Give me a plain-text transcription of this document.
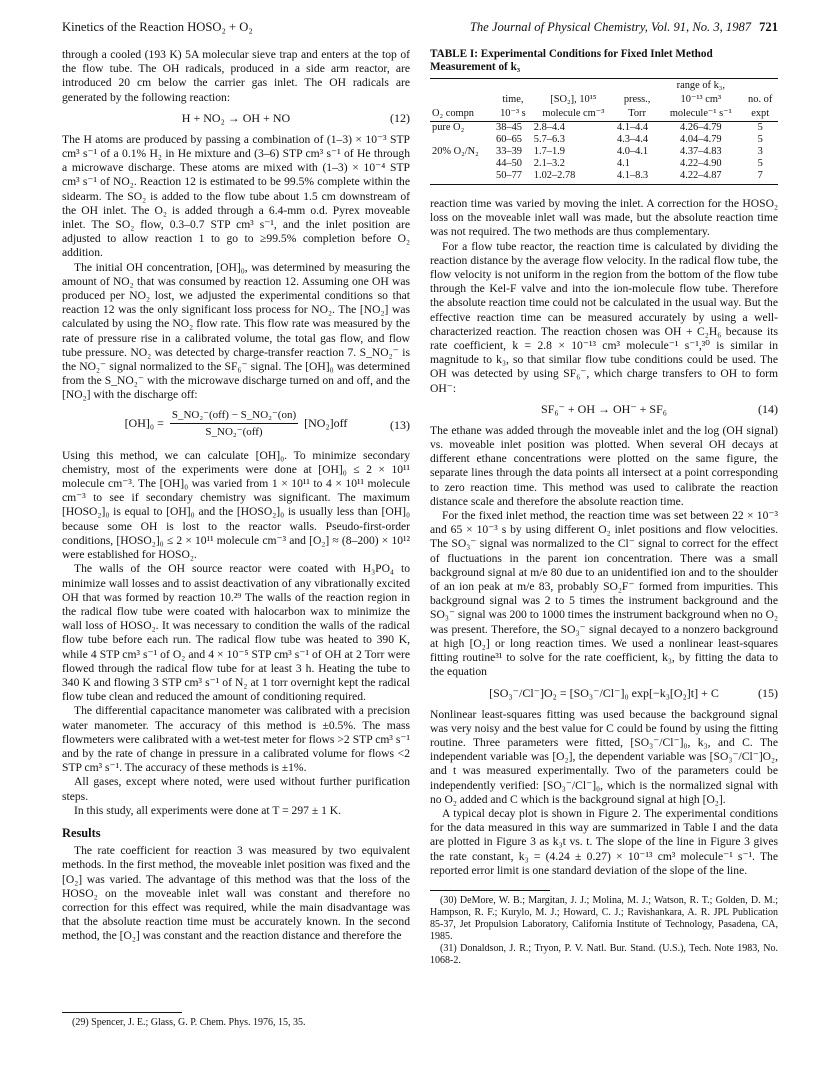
Kinetics of the Reaction HOSO₂ + O₂	The Journal of Physical Chemistry, Vol. 91, No. 3, 1987 721

through a cooled (193 K) 5A molecular sieve trap and enters at the top of the flow tube. The OH radicals, produced in a side arm reactor, are introduced 20 cm below the carrier gas inlet. The OH radicals are generated by the following reaction:

H + NO₂ → OH + NO	(12)

The H atoms are produced by passing a combination of (1–3) × 10⁻³ STP cm³ s⁻¹ of a 0.1% H₂ in He mixture and (3–6) STP cm³ s⁻¹ of He through a microwave discharge. These atoms are mixed with (1–3) × 10⁻⁴ STP cm³ s⁻¹ of NO₂. Reaction 12 is estimated to be 99.5% complete within the sidearm. The SO₂ is added to the flow tube about 1.5 cm downstream of the OH inlet. The O₂ is added through a 6.4-mm o.d. Pyrex moveable inlet. The SO₂ flow, 0.3–0.7 STP cm³ s⁻¹, and the inlet position are adjusted to allow reaction 1 to go to ≥99.5% completion before O₂ addition.

The initial OH concentration, [OH]₀, was determined by measuring the amount of NO₂ that was consumed by reaction 12. Assuming one OH was produced per NO₂ lost, we adjusted the experimental conditions so that reaction 12 was the only significant loss process for NO₂. The [NO₂] was calculated by using the NO₂ flow rate. This flow rate was measured by the rate of pressure rise in a calibrated volume, the total gas flow, and flow tube pressure. NO₂ was detected by charge-transfer reaction 7. S_NO₂⁻ is the NO₂⁻ signal normalized to the SF₆⁻ signal. The [OH]₀ was determined from the S_NO₂⁻ with the microwave discharge turned on and off, and the [NO₂] with the discharge off:

$[OH]_0 = \frac{\text{S\_NO₂⁻(off) − S\_NO₂⁻(on)}}{\text{S\_NO₂⁻(off)}} [NO_2]off$	(13)

Using this method, we can calculate [OH]₀. To minimize secondary chemistry, most of the experiments were done at [OH]₀ ≤ 2 × 10¹¹ molecule cm⁻³. The [OH]₀ was varied from 1 × 10¹¹ to 4 × 10¹¹ molecule cm⁻³ to see if secondary chemistry was significant. The maximum [HOSO₂]₀ is equal to [OH]₀ and the [HOSO₂]₀ is usually less than [OH]₀ because some OH is lost to the reactor walls. Pseudo-first-order conditions, [HOSO₂]₀ ≤ 2 × 10¹¹ molecule cm⁻³ and [O₂] ≈ (8–200) × 10¹² were established for HOSO₂.

The walls of the OH source reactor were coated with H₃PO₄ to minimize wall losses and to assist deactivation of any vibrationally excited OH that was formed by reaction 10.²⁹ The walls of the reaction region in the radical flow tube were coated with halocarbon wax to minimize the wall loss of HOSO₂. It was necessary to condition the walls of the radical flow tube before each run. The radical flow tube was heated to 390 K, while 4 STP cm³ s⁻¹ of O₂ and 4 × 10⁻⁵ STP cm³ s⁻¹ of OH at 2 Torr were flowed through the radical flow tube for at least 3 h. Heating the tube to 340 K and flowing 3 STP cm³ s⁻¹ of N₂ at 1 torr overnight kept the radical flow tube clean and reduced the amount of conditioning required.

The differential capacitance manometer was calibrated with a precision water manometer. The accuracy of this method is ±0.5%. The mass flowmeters were calibrated with a wet-test meter for flows >2 STP cm³ s⁻¹ and by the rate of change in pressure in a calibrated volume for flows <2 STP cm³ s⁻¹. The accuracy of these methods is ±1%.

All gases, except where noted, were used without further purification steps.

In this study, all experiments were done at T = 297 ± 1 K.

Results

The rate coefficient for reaction 3 was measured by two equivalent methods. In the first method, the moveable inlet position was fixed and the [O₂] was varied. The advantage of this method was that the loss of the HOSO₂ on the moveable inlet wall was constant and therefore no correction for this effect was required, while the main disadvantage was that the absolute reaction time must be accurately known. In the second method, the [O₂] was constant and the reaction distance and therefore the

(29) Spencer, J. E.; Glass, G. P. Chem. Phys. 1976, 15, 35.

TABLE I: Experimental Conditions for Fixed Inlet Method Measurement of k₃
				range of k₃,	
	time,	[SO₂], 10¹⁵	press.,	10⁻¹³ cm³	no. of
O₂ compn	10⁻³ s	molecule cm⁻³	Torr	molecule⁻¹ s⁻¹	expt
pure O₂	38–45	2.8–4.4	4.1–4.4	4.26–4.79	5
	60–65	5.7–6.3	4.3–4.4	4.04–4.79	5
20% O₂/N₂	33–39	1.7–1.9	4.0–4.1	4.37–4.83	3
	44–50	2.1–3.2	4.1	4.22–4.90	5
	50–77	1.02–2.78	4.1–8.3	4.22–4.87	7

reaction time was varied by moving the inlet. A correction for the HOSO₂ loss on the moveable inlet wall was made, but the absolute reaction time was not required. The two methods are thus complementary.

For a flow tube reactor, the reaction time is calculated by dividing the reaction distance by the average flow velocity. In the radical flow tube, the flow velocity is not uniform in the region from the bottom of the flow tube through the Kel-F valve and into the ion-molecule flow tube. Therefore the absolute reaction time could not be calculated in the usual way. But the effective reaction time can be measured accurately by using a well-characterized reaction. The reaction chosen was OH + C₂H₆ because its rate coefficient, k = 2.8 × 10⁻¹³ cm³ molecule⁻¹ s⁻¹,³⁰ is similar in magnitude to k₃, so that similar flow tube conditions could be used. The OH was detected by using SF₆⁻, which charge transfers to OH to form OH⁻:

SF₆⁻ + OH → OH⁻ + SF₆	(14)

The ethane was added through the moveable inlet and the log (OH signal) vs. moveable inlet position was plotted. When several OH decays at different ethane concentrations were plotted on the same figure, the separate lines through the data points all intersect at a point corresponding to zero reaction time. This method was used to calibrate the reaction distance scale and therefore the absolute reaction time.

For the fixed inlet method, the reaction time was set between 22 × 10⁻³ and 65 × 10⁻³ s by using different O₂ inlet positions and flow velocities. The SO₃⁻ signal was normalized to the Cl⁻ signal to correct for the effect of fluctuations in the parent ion concentration. There was a small background signal at m/e 80 due to an unidentified ion and to the shoulder of an ion peak at m/e 83, probably SO₂F⁻ formed from impurities. This background signal was 2 to 5 times the instrument background and the SO₃⁻ signal was 200 to 1000 times the instrument background when no O₂ was present. Therefore, the SO₃⁻ signal decayed to a nonzero background at high [O₂] or long reaction times. We used a nonlinear least-squares fitting routine³¹ to solve for the rate coefficient, k₃, by fitting the data to the equation

[SO₃⁻/Cl⁻]O₂ = [SO₃⁻/Cl⁻]₀ exp[−k₃[O₂]t] + C	(15)

Nonlinear least-squares fitting was used because the background signal was very noisy and the best value for C could be found by using the fitting routine. Three parameters were fitted, [SO₃⁻/Cl⁻]₀, k₃, and C. The independent variable was [O₂], the dependent variable was [SO₃⁻/Cl⁻]O₂, and t was measured experimentally. Two of the parameters could be independently verified: [SO₃⁻/Cl⁻]₀, which is the normalized signal with no O₂ added and C which is the background signal at high [O₂].

A typical decay plot is shown in Figure 2. The experimental conditions for the data measured in this way are summarized in Table I and the data are plotted in Figure 3 as k₃t vs. t. The slope of the line in Figure 3 gives the rate constant, k₃ = (4.24 ± 0.27) × 10⁻¹³ cm³ molecule⁻¹ s⁻¹. The reported error limit is one standard deviation of the slope of the line.

(30) DeMore, W. B.; Margitan, J. J.; Molina, M. J.; Watson, R. T.; Golden, D. M.; Hampson, R. F.; Kurylo, M. J.; Howard, C. J.; Ravishankara, A. R. JPL Publication 85-37, Jet Propulsion Laboratory, California Institute of Technology, Pasadena, CA, 1985.

(31) Donaldson, J. R.; Tryon, P. V. Natl. Bur. Stand. (U.S.), Tech. Note 1983, No. 1068-2.
